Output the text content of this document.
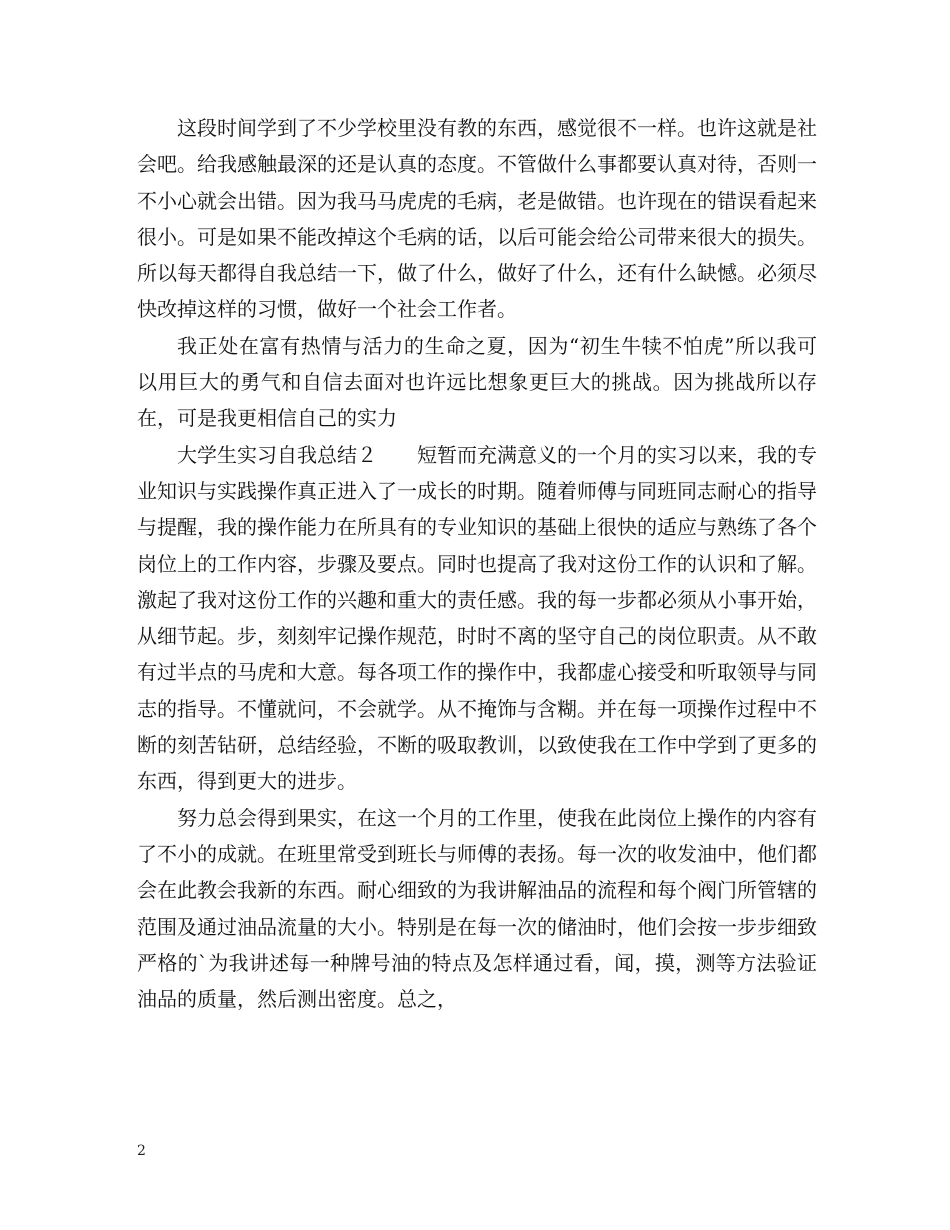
这段时间学到了不少学校里没有教的东西，感觉很不一样。也许这就是社会吧。给我感触最深的还是认真的态度。不管做什么事都要认真对待，否则一不小心就会出错。因为我马马虎虎的毛病，老是做错。也许现在的错误看起来很小。可是如果不能改掉这个毛病的话，以后可能会给公司带来很大的损失。所以每天都得自我总结一下，做了什么，做好了什么，还有什么缺憾。必须尽快改掉这样的习惯，做好一个社会工作者。

我正处在富有热情与活力的生命之夏，因为“初生牛犊不怕虎”所以我可以用巨大的勇气和自信去面对也许远比想象更巨大的挑战。因为挑战所以存在，可是我更相信自己的实力

大学生实习自我总结２　　短暂而充满意义的一个月的实习以来，我的专业知识与实践操作真正进入了一成长的时期。随着师傅与同班同志耐心的指导与提醒，我的操作能力在所具有的专业知识的基础上很快的适应与熟练了各个岗位上的工作内容，步骤及要点。同时也提高了我对这份工作的认识和了解。激起了我对这份工作的兴趣和重大的责任感。我的每一步都必须从小事开始，从细节起。步，刻刻牢记操作规范，时时不离的坚守自己的岗位职责。从不敢有过半点的马虎和大意。每各项工作的操作中，我都虚心接受和听取领导与同志的指导。不懂就问，不会就学。从不掩饰与含糊。并在每一项操作过程中不断的刻苦钻研，总结经验，不断的吸取教训，以致使我在工作中学到了更多的东西，得到更大的进步。

努力总会得到果实，在这一个月的工作里，使我在此岗位上操作的内容有了不小的成就。在班里常受到班长与师傅的表扬。每一次的收发油中，他们都会在此教会我新的东西。耐心细致的为我讲解油品的流程和每个阀门所管辖的范围及通过油品流量的大小。特别是在每一次的储油时，他们会按一步步细致严格的`为我讲述每一种牌号油的特点及怎样通过看，闻，摸，测等方法验证油品的质量，然后测出密度。总之，

2
